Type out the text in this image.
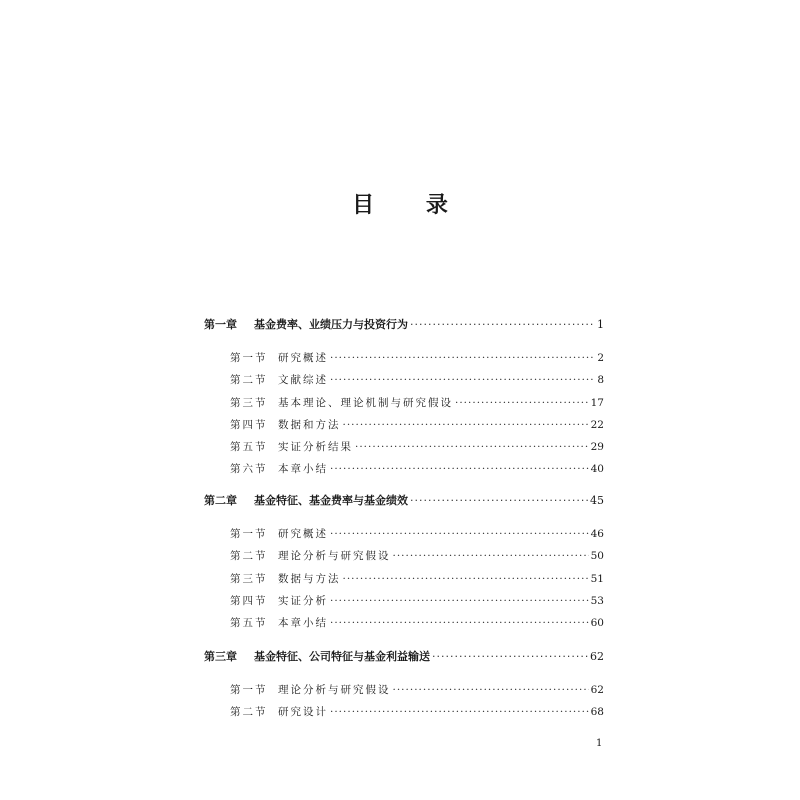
目 录
第一章	基金费率、业绩压力与投资行为 ·····	1
第一节	研究概述 ·····	2
第二节	文献综述 ·····	8
第三节	基本理论、理论机制与研究假设 ·····	17
第四节	数据和方法 ·····	22
第五节	实证分析结果 ·····	29
第六节	本章小结 ·····	40
第二章	基金特征、基金费率与基金绩效 ·····	45
第一节	研究概述 ·····	46
第二节	理论分析与研究假设 ·····	50
第三节	数据与方法 ·····	51
第四节	实证分析 ·····	53
第五节	本章小结 ·····	60
第三章	基金特征、公司特征与基金利益输送 ·····	62
第一节	理论分析与研究假设 ·····	62
第二节	研究设计 ·····	68
1
